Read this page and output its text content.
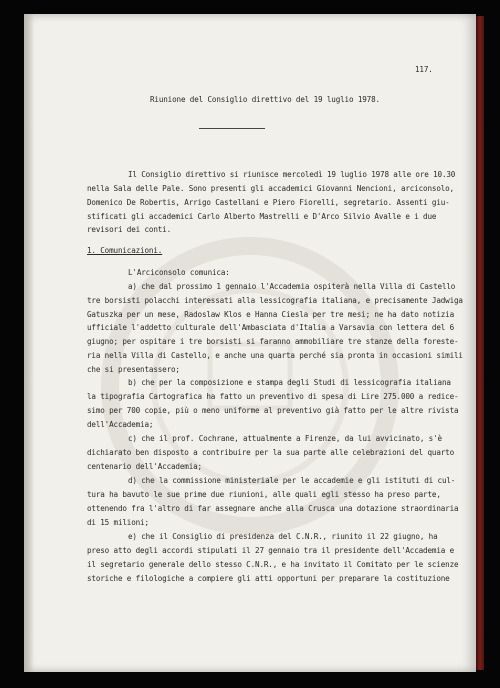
117.

Riunione del Consiglio direttivo del 19 luglio 1978.

Il Consiglio direttivo si riunisce mercoledì 19 luglio 1978 alle ore 10.30

nella Sala delle Pale. Sono presenti gli accademici Giovanni Nencioni, arciconsolo,

Domenico De Robertis, Arrigo Castellani e Piero Fiorelli, segretario. Assenti giu-

stificati gli accademici Carlo Alberto Mastrelli e D'Arco Silvio Avalle e i due

revisori dei conti.

1. Comunicazioni.

L'Arciconsolo comunica:

a) che dal prossimo 1 gennaio l'Accademia ospiterà nella Villa di Castello

tre borsisti polacchi interessati alla lessicografia italiana, e precisamente Jadwiga

Gatuszka per un mese, Radoslaw Klos e Hanna Ciesla per tre mesi; ne ha dato notizia

ufficiale l'addetto culturale dell'Ambasciata d'Italia a Varsavia con lettera del 6

giugno; per ospitare i tre borsisti si faranno ammobiliare tre stanze della foreste-

ria nella Villa di Castello, e anche una quarta perché sia pronta in occasioni simili

che si presentassero;

b) che per la composizione e stampa degli Studi di lessicografia italiana

la tipografia Cartografica ha fatto un preventivo di spesa di Lire 275.000 a redice-

simo per 700 copie, più o meno uniforme al preventivo già fatto per le altre rivista

dell'Accademia;

c) che il prof. Cochrane, attualmente a Firenze, da lui avvicinato, s'è

dichiarato ben disposto a contribuire per la sua parte alle celebrazioni del quarto

centenario dell'Accademia;

d) che la commissione ministeriale per le accademie e gli istituti di cul-

tura ha bavuto le sue prime due riunioni, alle quali egli stesso ha preso parte,

ottenendo fra l'altro di far assegnare anche alla Crusca una dotazione straordinaria

di 15 milioni;

e) che il Consiglio di presidenza del C.N.R., riunito il 22 giugno, ha

preso atto degli accordi stipulati il 27 gennaio tra il presidente dell'Accademia e

il segretario generale dello stesso C.N.R., e ha invitato il Comitato per le scienze

storiche e filologiche a compiere gli atti opportuni per preparare la costituzione
